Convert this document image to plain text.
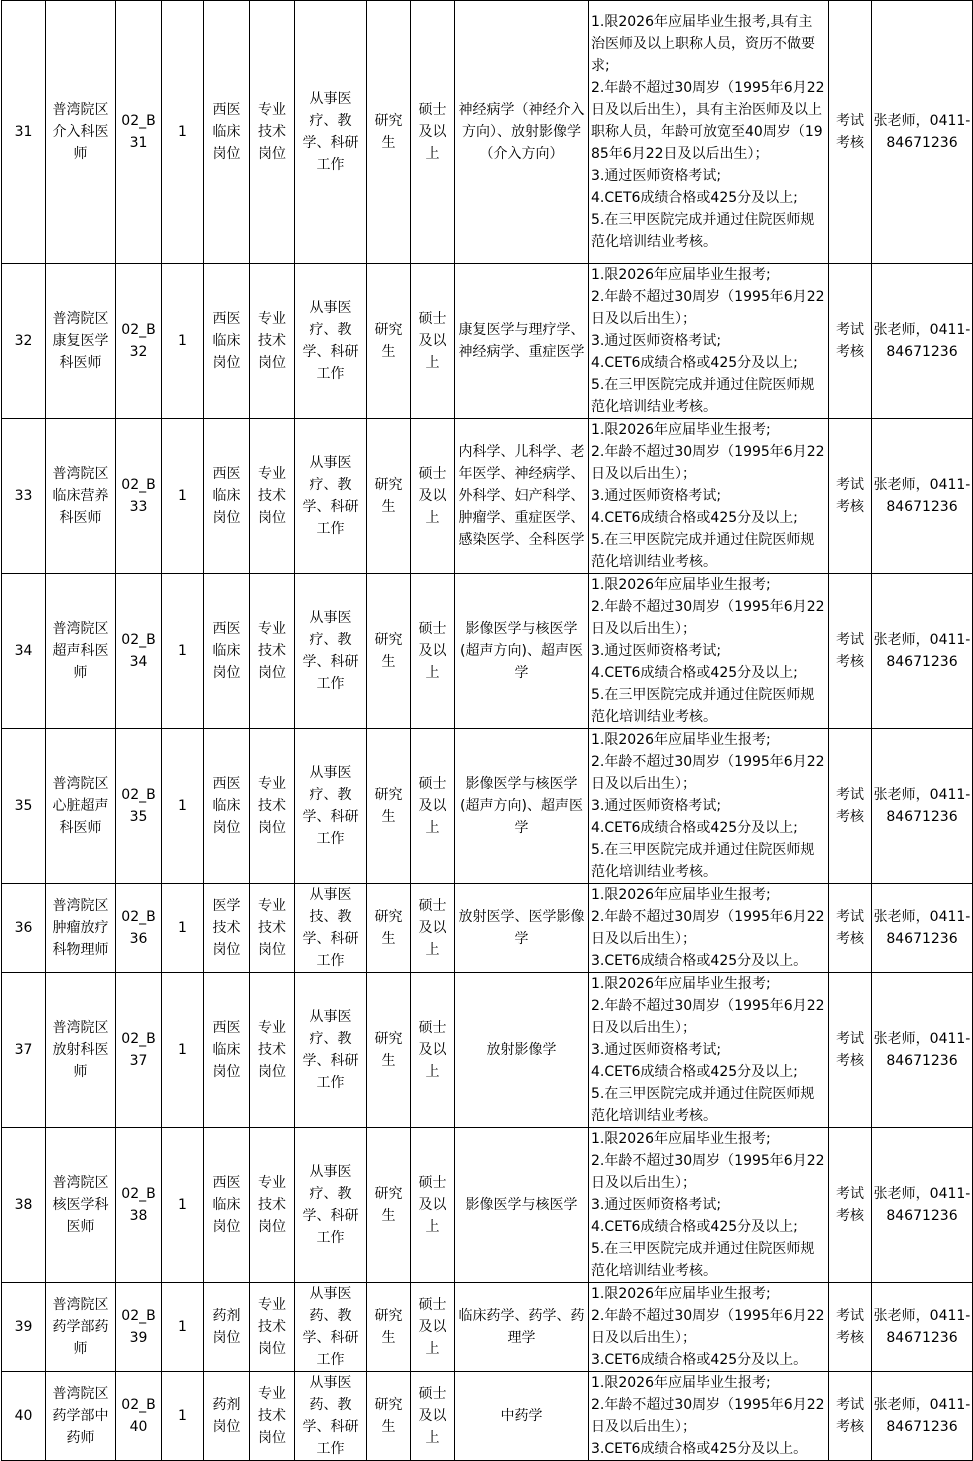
31	普湾院区介入科医师	02_B31	1	西医临床岗位	专业技术岗位	从事医疗、教学、科研工作	研究生	硕士及以上	神经病学（神经介入方向）、放射影像学（介入方向）	1.限2026年应届毕业生报考,具有主治医师及以上职称人员，资历不做要求;
2.年龄不超过30周岁（1995年6月22日及以后出生），具有主治医师及以上职称人员，年龄可放宽至40周岁（1985年6月22日及以后出生）；
3.通过医师资格考试;
4.CET6成绩合格或425分及以上;
5.在三甲医院完成并通过住院医师规范化培训结业考核。	考试考核	张老师，0411-84671236
32	普湾院区康复医学科医师	02_B32	1	西医临床岗位	专业技术岗位	从事医疗、教学、科研工作	研究生	硕士及以上	康复医学与理疗学、神经病学、重症医学	1.限2026年应届毕业生报考;
2.年龄不超过30周岁（1995年6月22日及以后出生）；
3.通过医师资格考试;
4.CET6成绩合格或425分及以上;
5.在三甲医院完成并通过住院医师规范化培训结业考核。	考试考核	张老师，0411-84671236
33	普湾院区临床营养科医师	02_B33	1	西医临床岗位	专业技术岗位	从事医疗、教学、科研工作	研究生	硕士及以上	内科学、儿科学、老年医学、神经病学、外科学、妇产科学、肿瘤学、重症医学、感染医学、全科医学	1.限2026年应届毕业生报考;
2.年龄不超过30周岁（1995年6月22日及以后出生）；
3.通过医师资格考试;
4.CET6成绩合格或425分及以上;
5.在三甲医院完成并通过住院医师规范化培训结业考核。	考试考核	张老师，0411-84671236
34	普湾院区超声科医师	02_B34	1	西医临床岗位	专业技术岗位	从事医疗、教学、科研工作	研究生	硕士及以上	影像医学与核医学(超声方向)、超声医学	1.限2026年应届毕业生报考;
2.年龄不超过30周岁（1995年6月22日及以后出生）；
3.通过医师资格考试;
4.CET6成绩合格或425分及以上;
5.在三甲医院完成并通过住院医师规范化培训结业考核。	考试考核	张老师，0411-84671236
35	普湾院区心脏超声科医师	02_B35	1	西医临床岗位	专业技术岗位	从事医疗、教学、科研工作	研究生	硕士及以上	影像医学与核医学(超声方向)、超声医学	1.限2026年应届毕业生报考;
2.年龄不超过30周岁（1995年6月22日及以后出生）；
3.通过医师资格考试;
4.CET6成绩合格或425分及以上;
5.在三甲医院完成并通过住院医师规范化培训结业考核。	考试考核	张老师，0411-84671236
36	普湾院区肿瘤放疗科物理师	02_B36	1	医学技术岗位	专业技术岗位	从事医技、教学、科研工作	研究生	硕士及以上	放射医学、医学影像学	1.限2026年应届毕业生报考;
2.年龄不超过30周岁（1995年6月22日及以后出生）；
3.CET6成绩合格或425分及以上。	考试考核	张老师，0411-84671236
37	普湾院区放射科医师	02_B37	1	西医临床岗位	专业技术岗位	从事医疗、教学、科研工作	研究生	硕士及以上	放射影像学	1.限2026年应届毕业生报考;
2.年龄不超过30周岁（1995年6月22日及以后出生）；
3.通过医师资格考试;
4.CET6成绩合格或425分及以上;
5.在三甲医院完成并通过住院医师规范化培训结业考核。	考试考核	张老师，0411-84671236
38	普湾院区核医学科医师	02_B38	1	西医临床岗位	专业技术岗位	从事医疗、教学、科研工作	研究生	硕士及以上	影像医学与核医学	1.限2026年应届毕业生报考;
2.年龄不超过30周岁（1995年6月22日及以后出生）；
3.通过医师资格考试;
4.CET6成绩合格或425分及以上;
5.在三甲医院完成并通过住院医师规范化培训结业考核。	考试考核	张老师，0411-84671236
39	普湾院区药学部药师	02_B39	1	药剂岗位	专业技术岗位	从事医药、教学、科研工作	研究生	硕士及以上	临床药学、药学、药理学	1.限2026年应届毕业生报考;
2.年龄不超过30周岁（1995年6月22日及以后出生）；
3.CET6成绩合格或425分及以上。	考试考核	张老师，0411-84671236
40	普湾院区药学部中药师	02_B40	1	药剂岗位	专业技术岗位	从事医药、教学、科研工作	研究生	硕士及以上	中药学	1.限2026年应届毕业生报考;
2.年龄不超过30周岁（1995年6月22日及以后出生）；
3.CET6成绩合格或425分及以上。	考试考核	张老师，0411-84671236
